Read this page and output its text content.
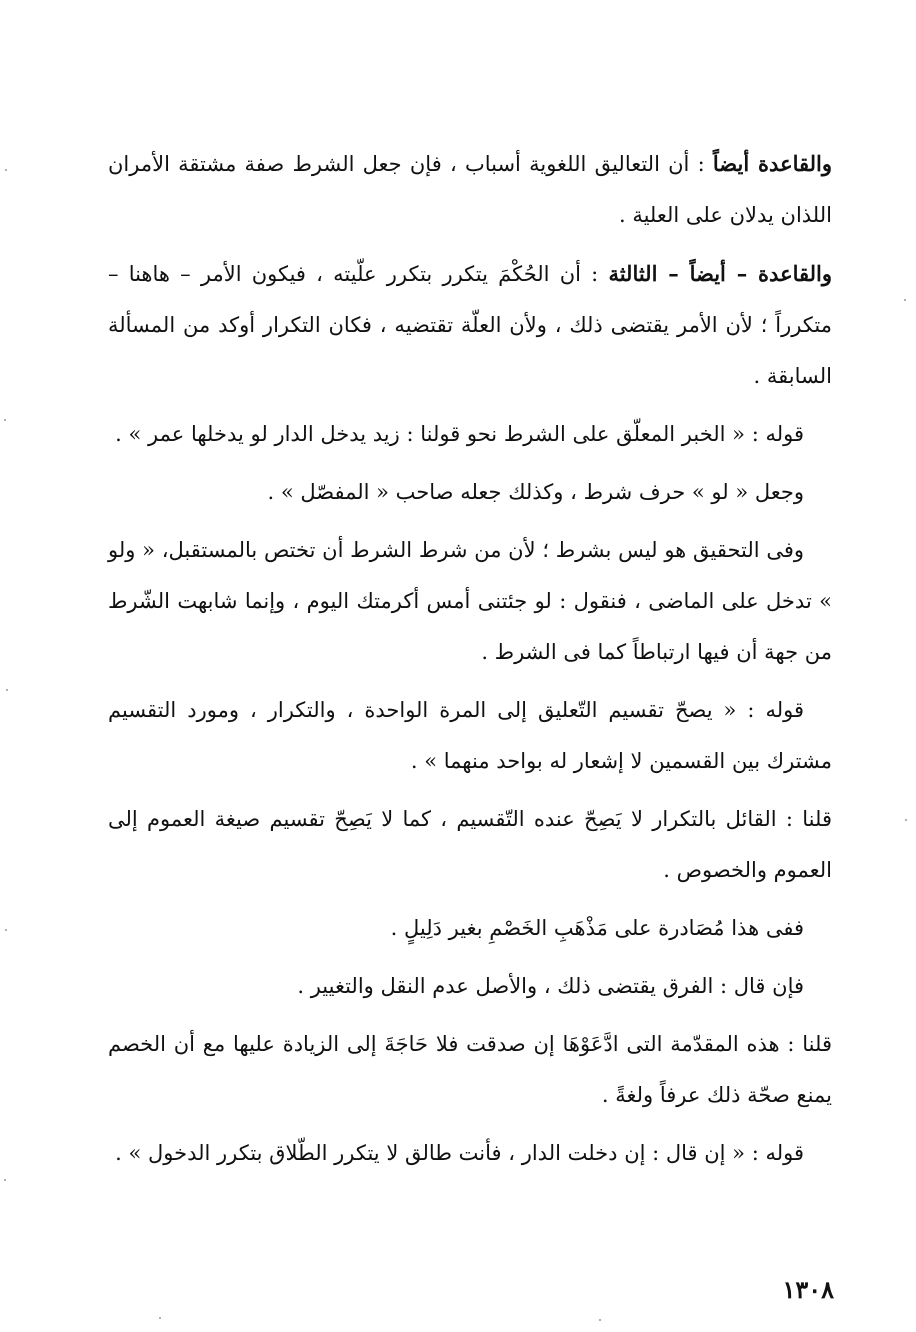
والقاعدة أيضاً : أن التعاليق اللغوية أسباب ، فإن جعل الشرط صفة مشتقة الأمران اللذان يدلان على العلية .

والقاعدة – أيضاً – الثالثة : أن الحُكْمَ يتكرر بتكرر علّيته ، فيكون الأمر – هاهنا – متكرراً ؛ لأن الأمر يقتضى ذلك ، ولأن العلّة تقتضيه ، فكان التكرار أوكد من المسألة السابقة .

قوله : « الخبر المعلّق على الشرط نحو قولنا : زيد يدخل الدار لو يدخلها عمر » .

وجعل « لو » حرف شرط ، وكذلك جعله صاحب « المفصّل » .

وفى التحقيق هو ليس بشرط ؛ لأن من شرط الشرط أن تختص بالمستقبل، « ولو » تدخل على الماضى ، فنقول : لو جئتنى أمس أكرمتك اليوم ، وإنما شابهت الشّرط من جهة أن فيها ارتباطاً كما فى الشرط .

قوله : « يصحّ تقسيم التّعليق إلى المرة الواحدة ، والتكرار ، ومورد التقسيم مشترك بين القسمين لا إشعار له بواحد منهما » .

قلنا : القائل بالتكرار لا يَصِحّ عنده التّقسيم ، كما لا يَصِحّ تقسيم صيغة العموم إلى العموم والخصوص .

ففى هذا مُصَادرة على مَذْهَبِ الخَصْمِ بغير دَلِيلٍ .

فإن قال : الفرق يقتضى ذلك ، والأصل عدم النقل والتغيير .

قلنا : هذه المقدّمة التى ادَّعَوْهَا إن صدقت فلا حَاجَةَ إلى الزيادة عليها مع أن الخصم يمنع صحّة ذلك عرفاً ولغةً .

قوله : « إن قال : إن دخلت الدار ، فأنت طالق لا يتكرر الطّلاق بتكرر الدخول » .

١٣٠٨
